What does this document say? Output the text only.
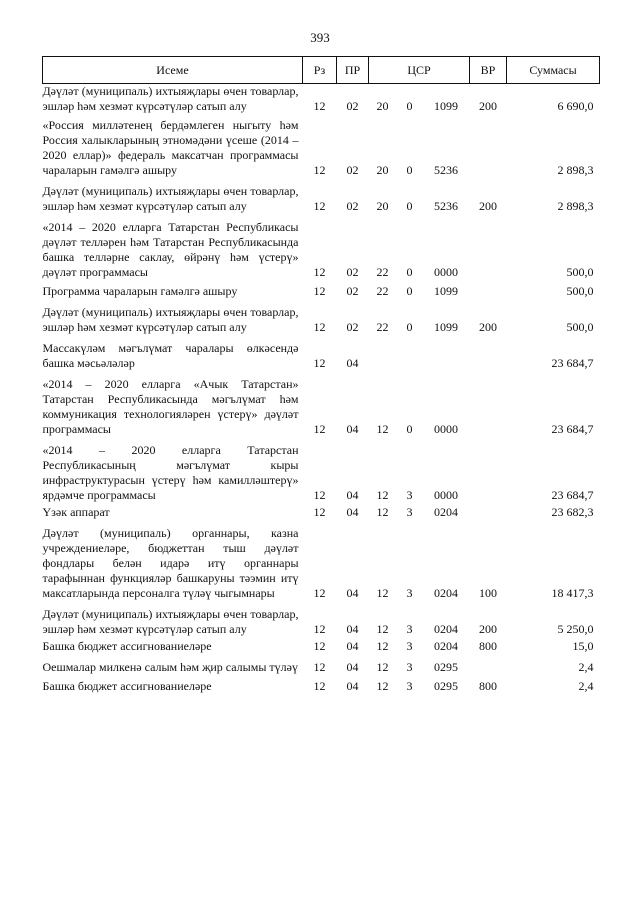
393
Исеме	Рз	ПР	ЦСР			ВР	Суммасы
Дәүләт (муниципаль) ихтыяҗлары өчен товарлар, эшләр һәм хезмәт күрсәтүләр сатып алу	12	02	20	0	1099	200	6 690,0

«Россия милләтенең бердәмлеген ныгыту һәм Россия халыкларының этномәдәни үсеше (2014 – 2020 еллар)» федераль максатчан программасы чараларын гамәлгә ашыру	12	02	20	0	5236		2 898,3

Дәүләт (муниципаль) ихтыяҗлары өчен товарлар, эшләр һәм хезмәт күрсәтүләр сатып алу	12	02	20	0	5236	200	2 898,3

«2014 – 2020 елларга Татарстан Республикасы дәүләт телләрен һәм Татарстан Республикасында башка телләрне саклау, өйрәнү һәм үстерү» дәүләт программасы	12	02	22	0	0000		500,0

Программа чараларын гамәлгә ашыру	12	02	22	0	1099		500,0

Дәүләт (муниципаль) ихтыяҗлары өчен товарлар, эшләр һәм хезмәт күрсәтүләр сатып алу	12	02	22	0	1099	200	500,0

Массакүләм мәгълүмат чаралары өлкәсендә башка мәсьәләләр	12	04					23 684,7

«2014 – 2020 елларга «Ачык Татарстан» Татарстан Республикасында мәгълүмат һәм коммуникация технологияләрен үстерү» дәүләт программасы	12	04	12	0	0000		23 684,7

«2014 – 2020 елларга Татарстан Республикасының мәгълүмат кыры инфраструктурасын үстерү һәм камилләштерү» ярдәмче программасы	12	04	12	3	0000		23 684,7

Үзәк аппарат	12	04	12	3	0204		23 682,3

Дәүләт (муниципаль) органнары, казна учреждениеләре, бюджеттан тыш дәүләт фондлары белән идарә итү органнары тарафыннан функцияләр башкаруны тәэмин итү максатларында персоналга түләү чыгымнары	12	04	12	3	0204	100	18 417,3

Дәүләт (муниципаль) ихтыяҗлары өчен товарлар, эшләр һәм хезмәт күрсәтүләр сатып алу	12	04	12	3	0204	200	5 250,0

Башка бюджет ассигнованиеләре	12	04	12	3	0204	800	15,0

Оешмалар милкенә салым һәм җир салымы түләү	12	04	12	3	0295		2,4

Башка бюджет ассигнованиеләре	12	04	12	3	0295	800	2,4
